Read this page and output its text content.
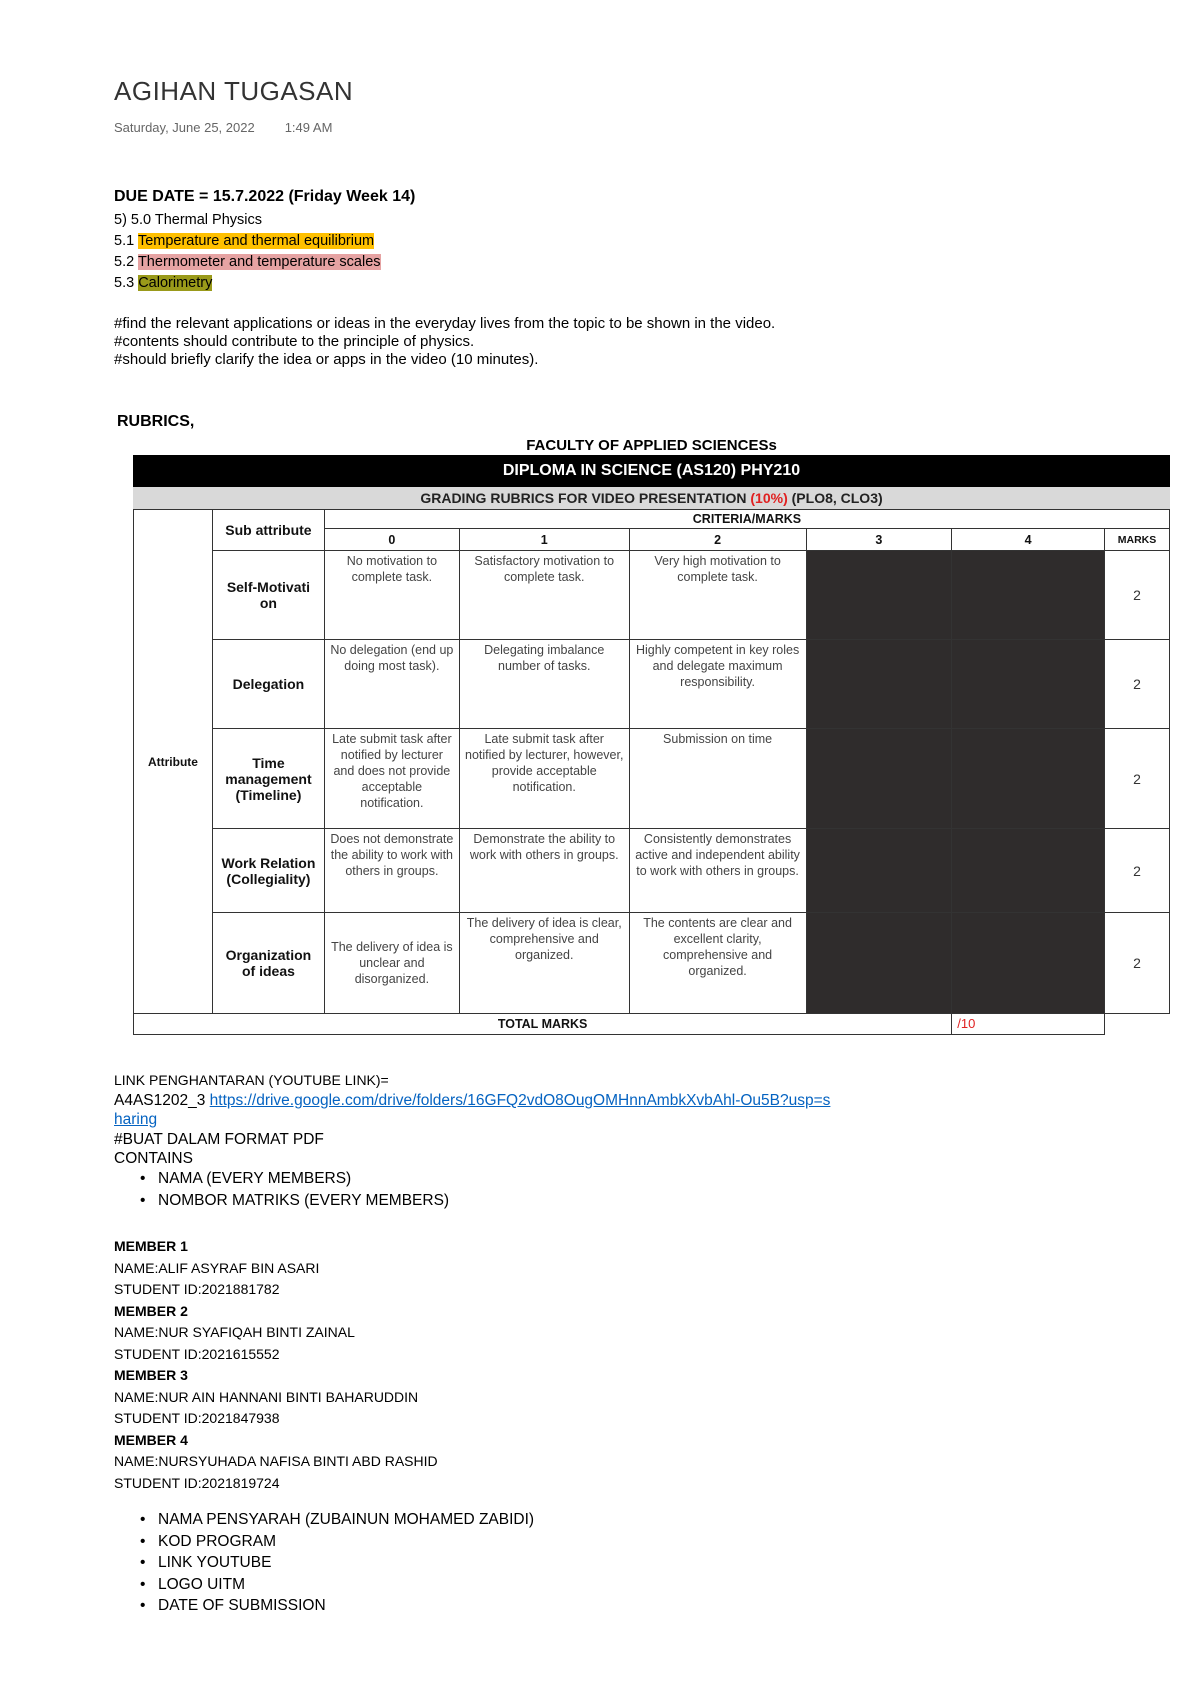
AGIHAN TUGASAN
Saturday, June 25, 2022 1:49 AM
DUE DATE = 15.7.2022 (Friday Week 14)
5) 5.0 Thermal Physics
5.1 Temperature and thermal equilibrium
5.2 Thermometer and temperature scales
5.3 Calorimetry
#find the relevant applications or ideas in the everyday lives from the topic to be shown in the video.
#contents should contribute to the principle of physics.
#should briefly clarify the idea or apps in the video (10 minutes).
RUBRICS,
FACULTY OF APPLIED SCIENCESs
DIPLOMA IN SCIENCE (AS120) PHY210
GRADING RUBRICS FOR VIDEO PRESENTATION
(10%)
(PLO8, CLO3)
Attribute	Sub attribute	CRITERIA/MARKS					
		0	1	2	3	4	MARKS
	Self-Motivati on	No motivation to complete task.	Satisfactory motivation to complete task.	Very high motivation to complete task.			2
	Delegation	No delegation (end up doing most task).	Delegating imbalance number of tasks.	Highly competent in key roles and delegate maximum responsibility.			2
	Time management (Timeline)	Late submit task after notified by lecturer and does not provide acceptable notification.	Late submit task after notified by lecturer, however, provide acceptable notification.	Submission on time			2
	Work Relation (Collegiality)	Does not demonstrate the ability to work with others in groups.	Demonstrate the ability to work with others in groups.	Consistently demonstrates active and independent ability to work with others in groups.			2
	Organization of ideas	The delivery of idea is unclear and disorganized.	The delivery of idea is clear, comprehensive and organized.	The contents are clear and excellent clarity, comprehensive and organized.			2
TOTAL MARKS						/10	
LINK PENGHANTARAN (YOUTUBE LINK)=
A4AS1202_3 https://drive.google.com/drive/folders/16GFQ2vdO8OugOMHnnAmbkXvbAhl-Ou5B?usp=sharing
#BUAT DALAM FORMAT PDF
CONTAINS
• NAMA (EVERY MEMBERS)
• NOMBOR MATRIKS (EVERY MEMBERS)
MEMBER 1
NAME:ALIF ASYRAF BIN ASARI
STUDENT ID:2021881782
MEMBER 2
NAME:NUR SYAFIQAH BINTI ZAINAL
STUDENT ID:2021615552
MEMBER 3
NAME:NUR AIN HANNANI BINTI BAHARUDDIN
STUDENT ID:2021847938
MEMBER 4
NAME:NURSYUHADA NAFISA BINTI ABD RASHID
STUDENT ID:2021819724
• NAMA PENSYARAH (ZUBAINUN MOHAMED ZABIDI)
• KOD PROGRAM
• LINK YOUTUBE
• LOGO UITM
• DATE OF SUBMISSION
